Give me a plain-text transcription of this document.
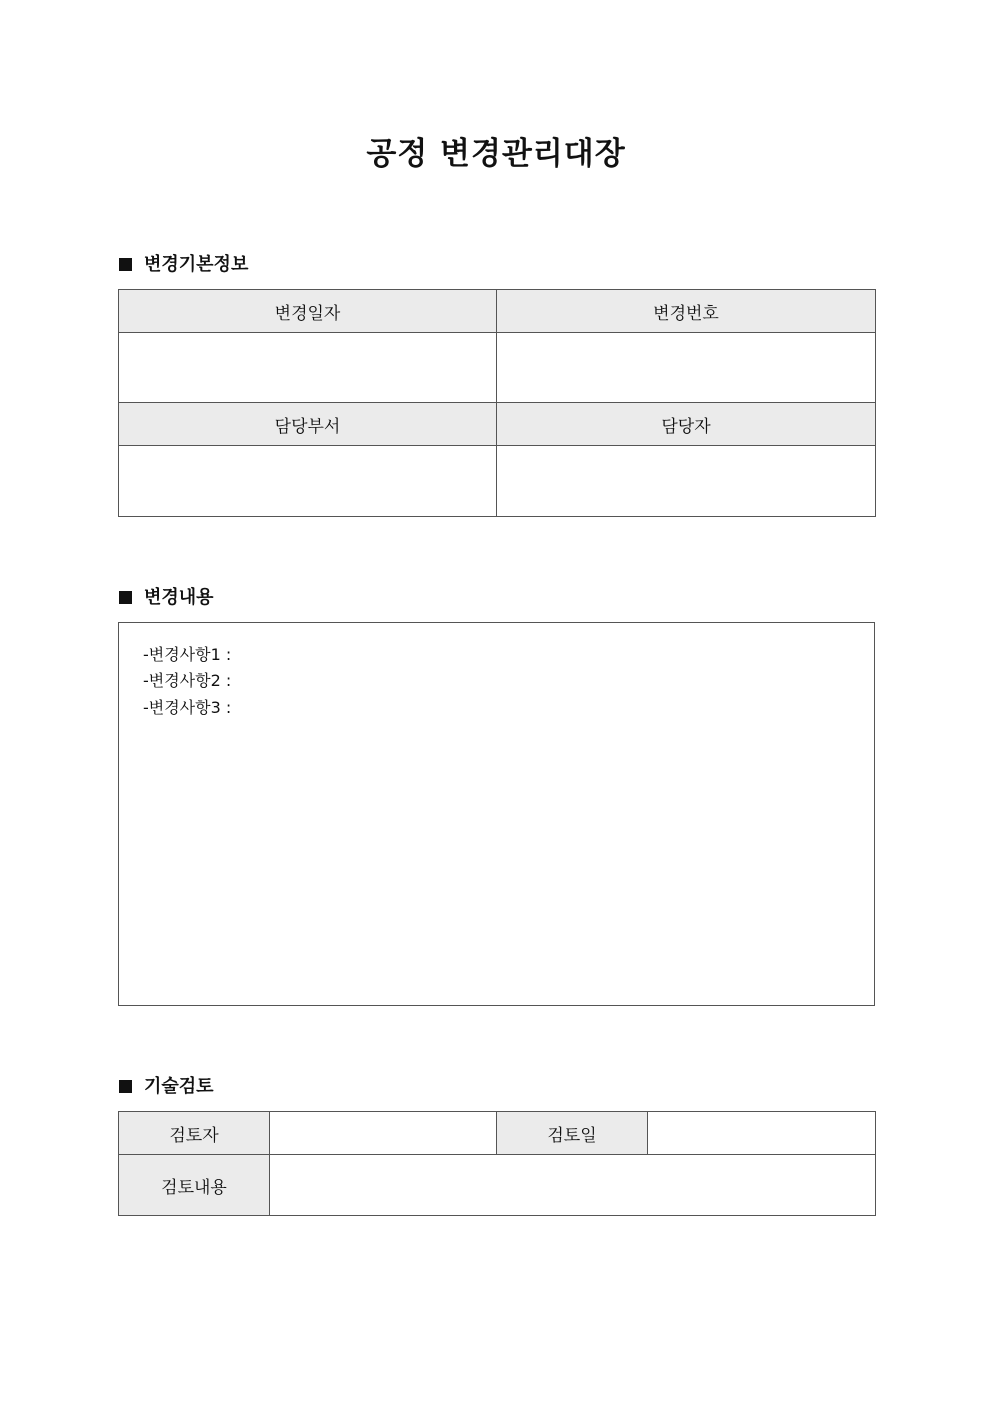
공정 변경관리대장
변경기본정보
변경일자	변경번호

담당부서	담당자

변경내용
-변경사항1 :
-변경사항2 :
-변경사항3 :
기술검토
검토자		검토일	
검토내용			
